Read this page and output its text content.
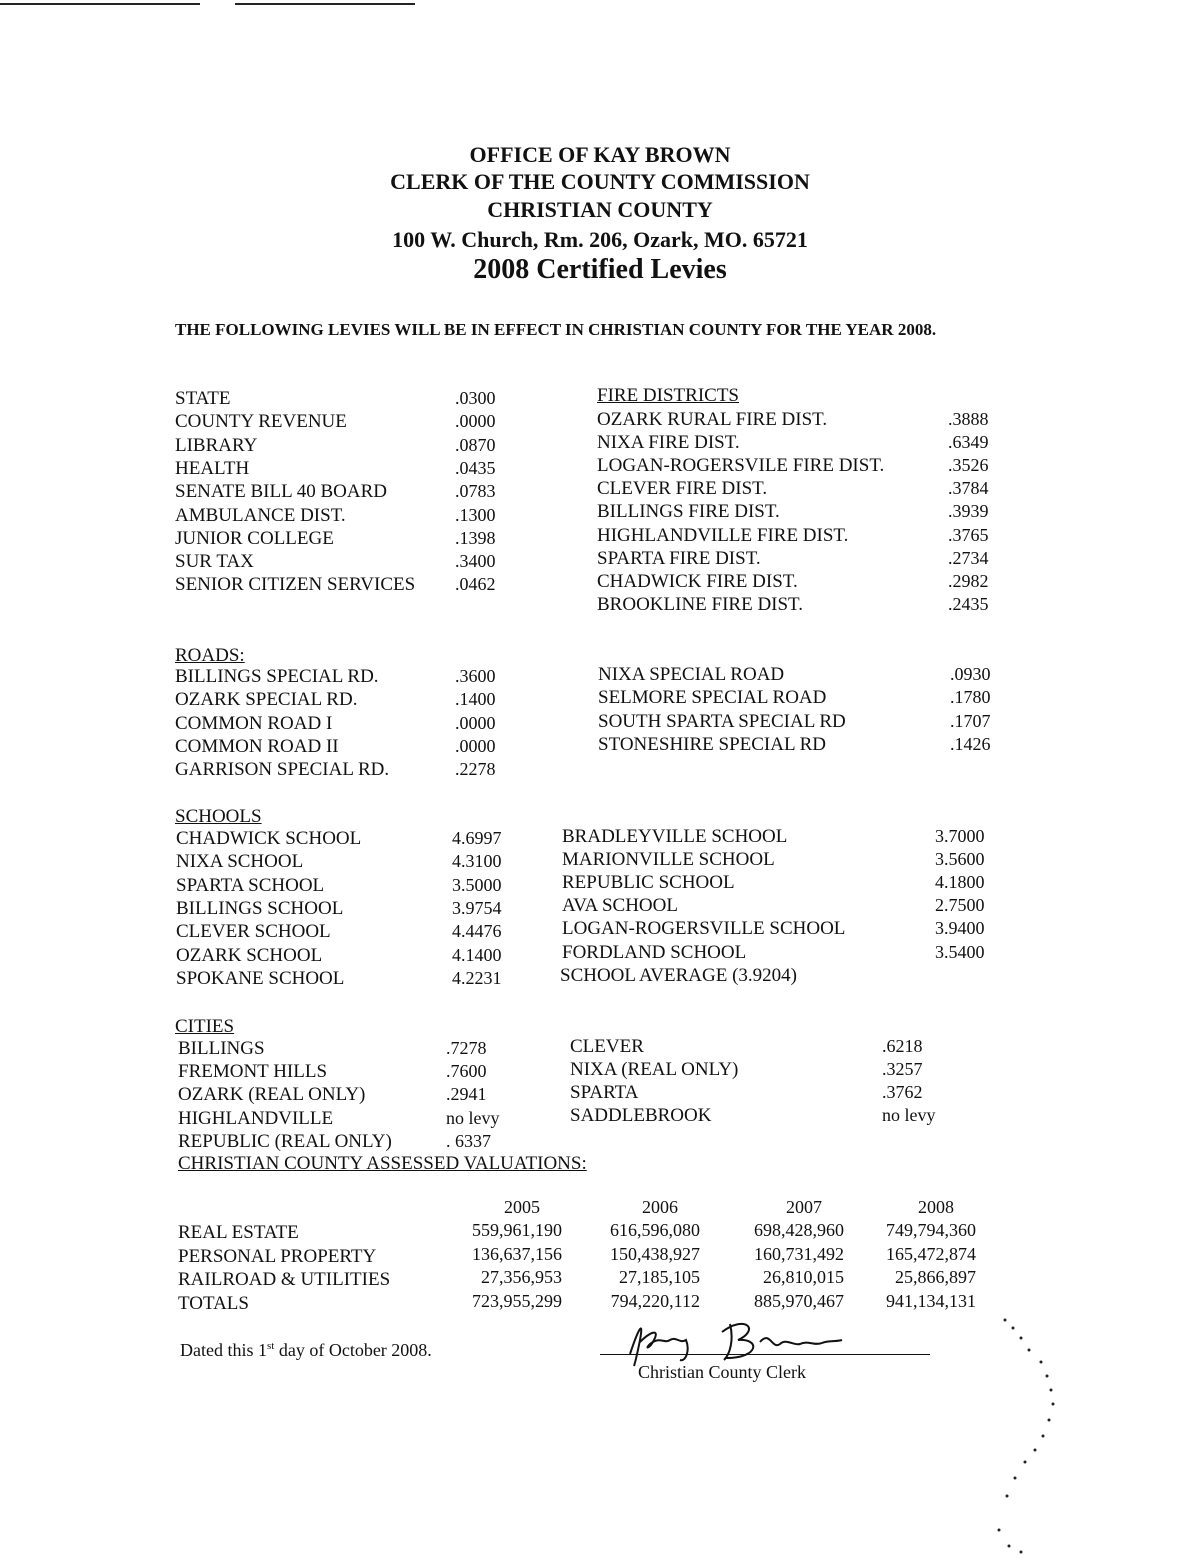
OFFICE OF KAY BROWN
CLERK OF THE COUNTY COMMISSION
CHRISTIAN COUNTY
100 W. Church, Rm. 206, Ozark, MO. 65721
2008 Certified Levies
THE FOLLOWING LEVIES WILL BE IN EFFECT IN CHRISTIAN COUNTY FOR THE YEAR 2008.
STATE	.0300
COUNTY REVENUE	.0000
LIBRARY	.0870
HEALTH	.0435
SENATE BILL 40 BOARD	.0783
AMBULANCE DIST.	.1300
JUNIOR COLLEGE	.1398
SUR TAX	.3400
SENIOR CITIZEN SERVICES .0462
FIRE DISTRICTS
OZARK RURAL FIRE DIST.	.3888
NIXA FIRE DIST.	.6349
LOGAN-ROGERSVILE FIRE DIST.	.3526
CLEVER FIRE DIST.	.3784
BILLINGS FIRE DIST.	.3939
HIGHLANDVILLE FIRE DIST.	.3765
SPARTA FIRE DIST.	.2734
CHADWICK FIRE DIST.	.2982
BROOKLINE FIRE DIST.	.2435
ROADS:
BILLINGS SPECIAL RD.	.3600
OZARK SPECIAL RD.	.1400
COMMON ROAD I	.0000
COMMON ROAD II	.0000
GARRISON SPECIAL RD.	.2278
NIXA SPECIAL ROAD	.0930
SELMORE SPECIAL ROAD	.1780
SOUTH SPARTA SPECIAL RD	.1707
STONESHIRE SPECIAL RD	.1426
SCHOOLS
CHADWICK SCHOOL	4.6997
NIXA SCHOOL	4.3100
SPARTA SCHOOL	3.5000
BILLINGS SCHOOL	3.9754
CLEVER SCHOOL	4.4476
OZARK SCHOOL	4.1400
SPOKANE SCHOOL	4.2231
BRADLEYVILLE SCHOOL	3.7000
MARIONVILLE SCHOOL	3.5600
REPUBLIC SCHOOL	4.1800
AVA SCHOOL	2.7500
LOGAN-ROGERSVILLE SCHOOL	3.9400
FORDLAND SCHOOL	3.5400
SCHOOL AVERAGE (3.9204)
CITIES
BILLINGS	.7278
FREMONT HILLS	.7600
OZARK (REAL ONLY)	.2941
HIGHLANDVILLE	no levy
REPUBLIC (REAL ONLY)	. 6337
CLEVER	.6218
NIXA (REAL ONLY)	.3257
SPARTA	.3762
SADDLEBROOK	no levy
CHRISTIAN COUNTY ASSESSED VALUATIONS:
2005	2006	2007	2008
REAL ESTATE	559,961,190	616,596,080	698,428,960	749,794,360
PERSONAL PROPERTY	136,637,156	150,438,927	160,731,492	165,472,874
RAILROAD & UTILITIES	27,356,953	27,185,105	26,810,015	25,866,897
TOTALS	723,955,299	794,220,112	885,970,467	941,134,131
Dated this 1st day of October 2008.
Christian County Clerk
